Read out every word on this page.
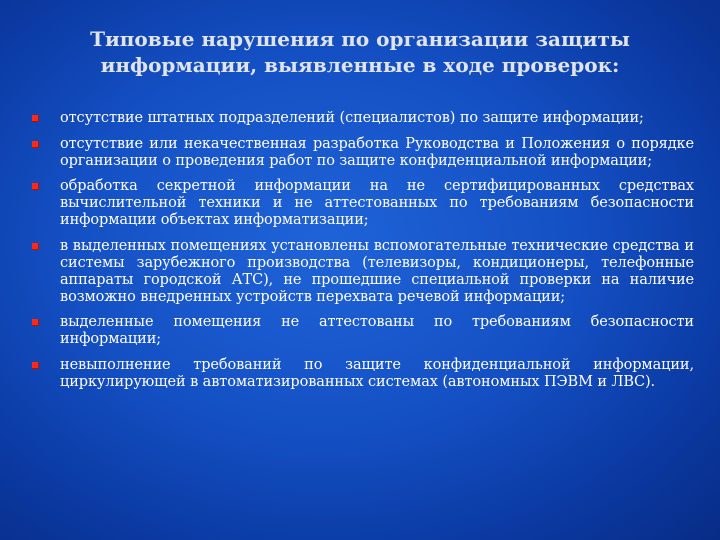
Типовые нарушения по организации защиты информации, выявленные в ходе проверок:
отсутствие штатных подразделений (специалистов) по защите информации;
отсутствие или некачественная разработка Руководства и Положения о порядке организации о проведения работ по защите конфиденциальной информации;
обработка секретной информации на не сертифицированных средствах вычислительной техники и не аттестованных по требованиям безопасности информации объектах информатизации;
в выделенных помещениях установлены вспомогательные технические средства и системы зарубежного производства (телевизоры, кондиционеры, телефонные аппараты городской АТС), не прошедшие специальной проверки на наличие возможно внедренных устройств перехвата речевой информации;
выделенные помещения не аттестованы по требованиям безопасности информации;
невыполнение требований по защите конфиденциальной информации, циркулирующей в автоматизированных системах (автономных ПЭВМ и ЛВС).
